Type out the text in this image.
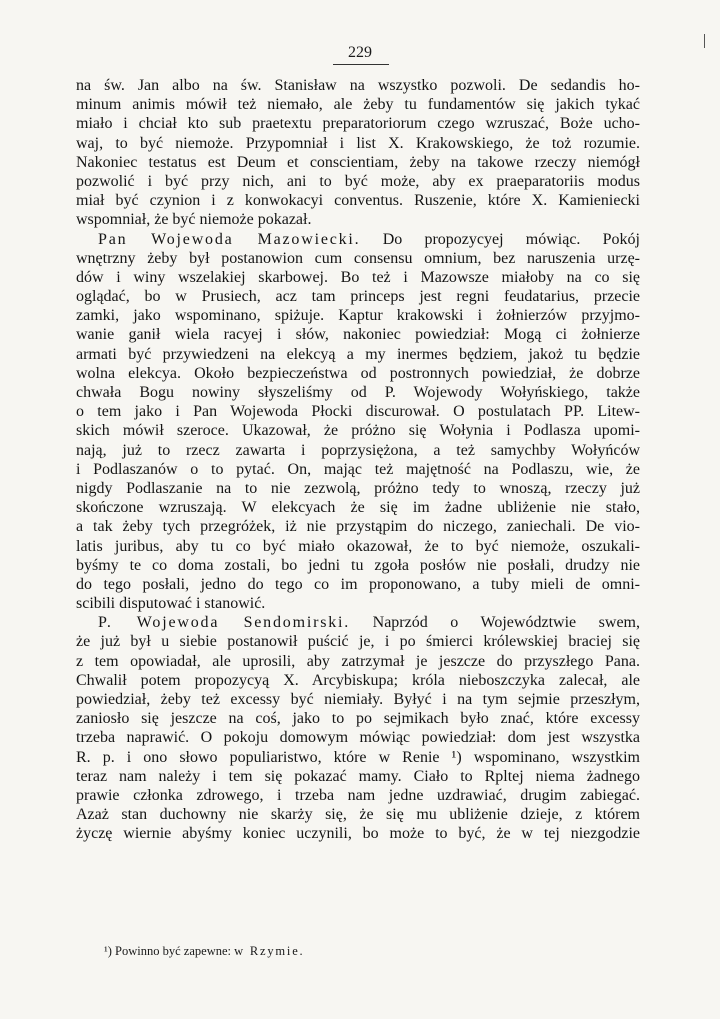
229
na św. Jan albo na św. Stanisław na wszystko pozwoli. De sedandis ho-
minum animis mówił też niemało, ale żeby tu fundamentów się jakich tykać
miało i chciał kto sub praetextu preparatoriorum czego wzruszać, Boże ucho-
waj, to być niemoże. Przypomniał i list X. Krakowskiego, że toż rozumie.
Nakoniec testatus est Deum et conscientiam, żeby na takowe rzeczy niemógł
pozwolić i być przy nich, ani to być może, aby ex praeparatoriis modus
miał być czynion i z konwokacyi conventus. Ruszenie, które X. Kamieniecki
wspomniał, że być niemoże pokazał.
Pan Wojewoda Mazowiecki. Do propozycyej mówiąc. Pokój
wnętrzny żeby był postanowion cum consensu omnium, bez naruszenia urzę-
dów i winy wszelakiej skarbowej. Bo też i Mazowsze miałoby na co się
oglądać, bo w Prusiech, acz tam princeps jest regni feudatarius, przecie
zamki, jako wspominano, spiżuje. Kaptur krakowski i żołnierzów przyjmo-
wanie ganił wiela racyej i słów, nakoniec powiedział: Mogą ci żołnierze
armati być przywiedzeni na elekcyą a my inermes będziem, jakoż tu będzie
wolna elekcya. Około bezpieczeństwa od postronnych powiedział, że dobrze
chwała Bogu nowiny słyszeliśmy od P. Wojewody Wołyńskiego, także
o tem jako i Pan Wojewoda Płocki discurował. O postulatach PP. Litew-
skich mówił szeroce. Ukazował, że próżno się Wołynia i Podlasza upomi-
nają, już to rzecz zawarta i poprzysiężona, a też samychby Wołyńców
i Podlaszanów o to pytać. On, mając też majętność na Podlaszu, wie, że
nigdy Podlaszanie na to nie zezwolą, próżno tedy to wnoszą, rzeczy już
skończone wzruszają. W elekcyach że się im żadne ubliżenie nie stało,
a tak żeby tych przegróżek, iż nie przystąpim do niczego, zaniechali. De vio-
latis juribus, aby tu co być miało okazował, że to być niemoże, oszukali-
byśmy te co doma zostali, bo jedni tu zgoła posłów nie posłali, drudzy nie
do tego posłali, jedno do tego co im proponowano, a tuby mieli de omni-
scibili disputować i stanowić.
P. Wojewoda Sendomirski. Naprzód o Województwie swem,
że już był u siebie postanowił puścić je, i po śmierci królewskiej braciej się
z tem opowiadał, ale uprosili, aby zatrzymał je jeszcze do przyszłego Pana.
Chwalił potem propozycyą X. Arcybiskupa; króla nieboszczyka zalecał, ale
powiedział, żeby też excessy być niemiały. Byłyć i na tym sejmie przeszłym,
zaniosło się jeszcze na coś, jako to po sejmikach było znać, które excessy
trzeba naprawić. O pokoju domowym mówiąc powiedział: dom jest wszystka
R. p. i ono słowo populiaristwo, które w Renie ¹) wspominano, wszystkim
teraz nam należy i tem się pokazać mamy. Ciało to Rpltej niema żadnego
prawie członka zdrowego, i trzeba nam jedne uzdrawiać, drugim zabiegać.
Azaż stan duchowny nie skarży się, że się mu ubliżenie dzieje, z którem
życzę wiernie abyśmy koniec uczynili, bo może to być, że w tej niezgodzie
¹) Powinno być zapewne: w Rzymie.
